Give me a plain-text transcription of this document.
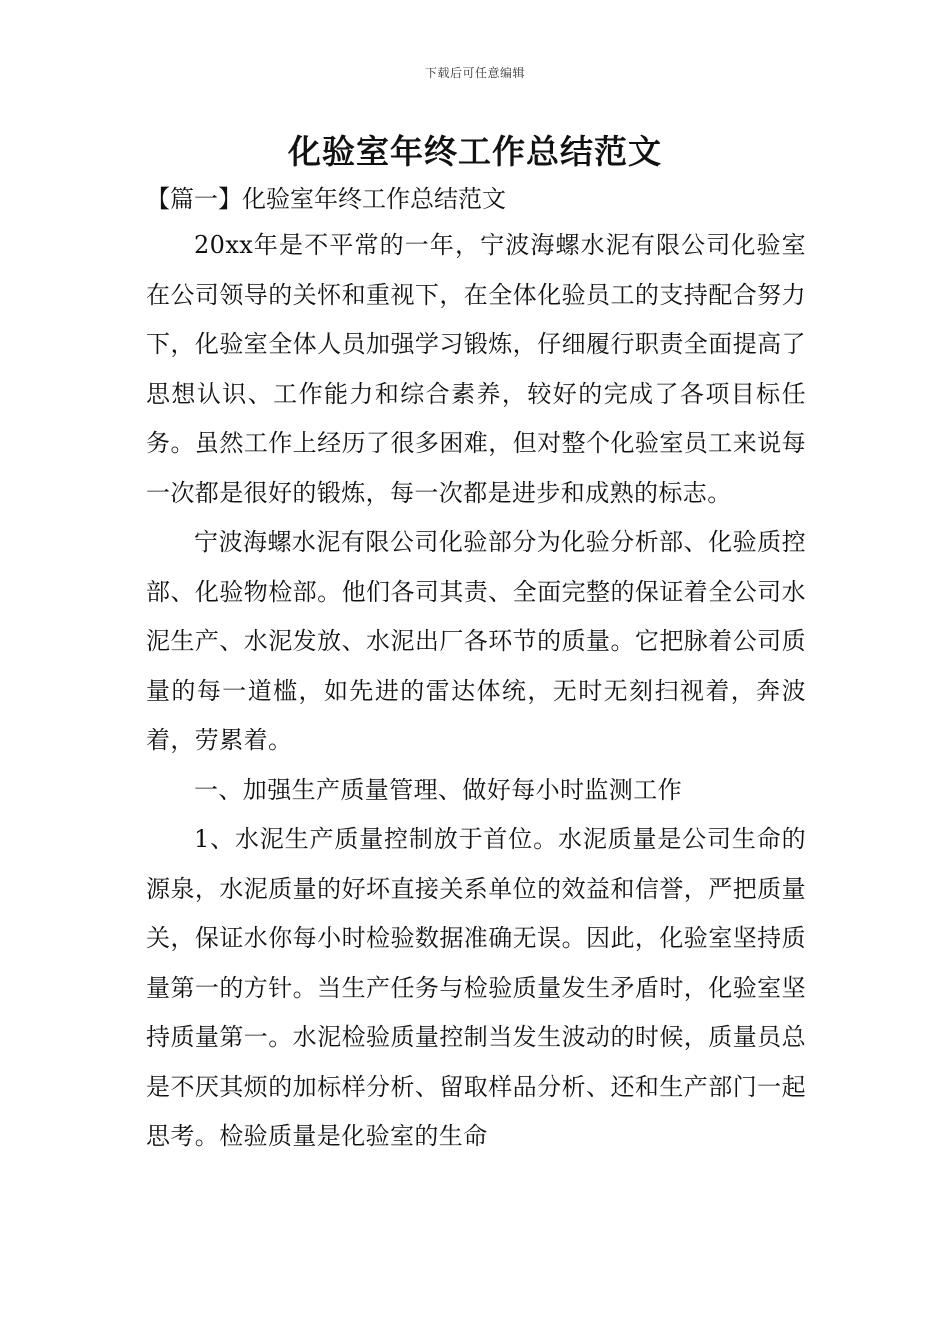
下载后可任意编辑
化验室年终工作总结范文

【篇一】化验室年终工作总结范文

20xx年是不平常的一年，宁波海螺水泥有限公司化验室在公司领导的关怀和重视下，在全体化验员工的支持配合努力下，化验室全体人员加强学习锻炼，仔细履行职责全面提高了思想认识、工作能力和综合素养，较好的完成了各项目标任务。虽然工作上经历了很多困难，但对整个化验室员工来说每一次都是很好的锻炼，每一次都是进步和成熟的标志。

宁波海螺水泥有限公司化验部分为化验分析部、化验质控部、化验物检部。他们各司其责、全面完整的保证着全公司水泥生产、水泥发放、水泥出厂各环节的质量。它把脉着公司质量的每一道槛，如先进的雷达体统，无时无刻扫视着，奔波着，劳累着。

一、加强生产质量管理、做好每小时监测工作

1、水泥生产质量控制放于首位。水泥质量是公司生命的源泉，水泥质量的好坏直接关系单位的效益和信誉，严把质量关，保证水你每小时检验数据准确无误。因此，化验室坚持质量第一的方针。当生产任务与检验质量发生矛盾时，化验室坚持质量第一。水泥检验质量控制当发生波动的时候，质量员总是不厌其烦的加标样分析、留取样品分析、还和生产部门一起思考。检验质量是化验室的生命
